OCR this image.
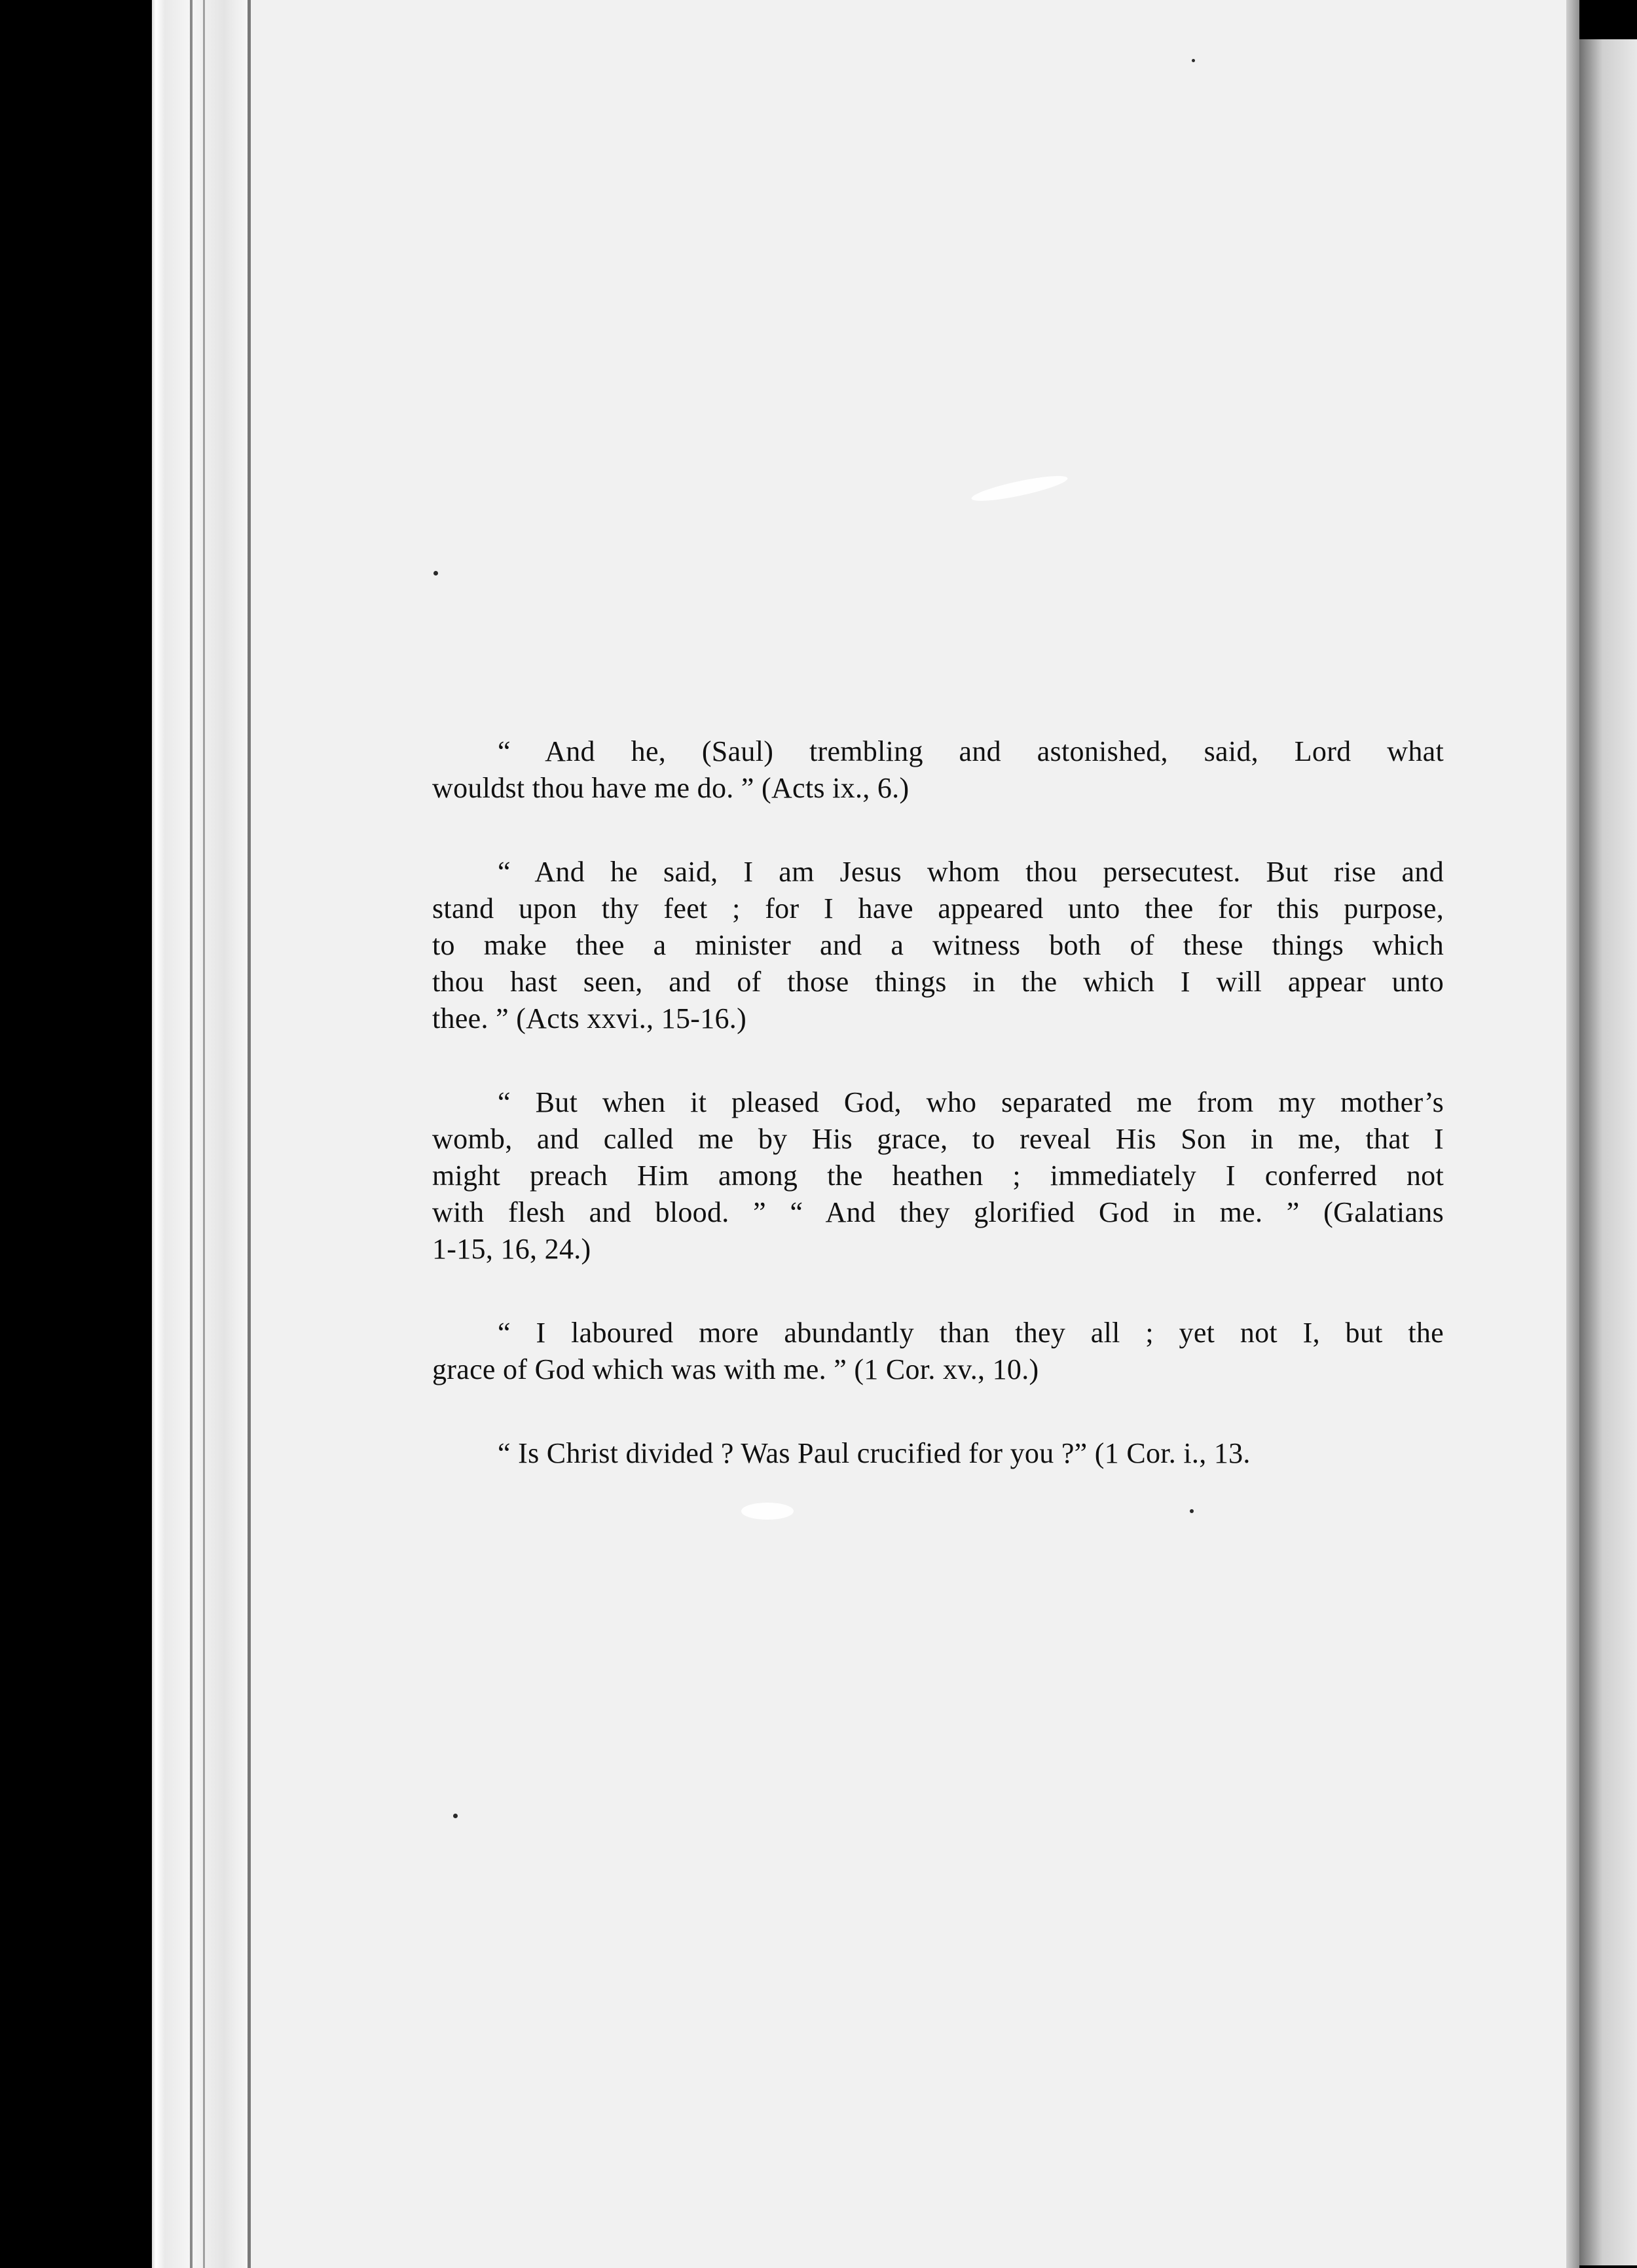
“ And he, (Saul) trembling and astonished, said, Lord what
wouldst thou have me do. ” (Acts ix., 6.)
“ And he said, I am Jesus whom thou persecutest. But rise and
stand upon thy feet ; for I have appeared unto thee for this purpose,
to make thee a minister and a witness both of these things which
thou hast seen, and of those things in the which I will appear unto
thee. ” (Acts xxvi., 15-16.)
“ But when it pleased God, who separated me from my mother’s
womb, and called me by His grace, to reveal His Son in me, that I
might preach Him among the heathen ; immediately I conferred not
with flesh and blood. ” “ And they glorified God in me. ” (Galatians
1-15, 16, 24.)
“ I laboured more abundantly than they all ; yet not I, but the
grace of God which was with me. ” (1 Cor. xv., 10.)
“ Is Christ divided ? Was Paul crucified for you ?” (1 Cor. i., 13.
